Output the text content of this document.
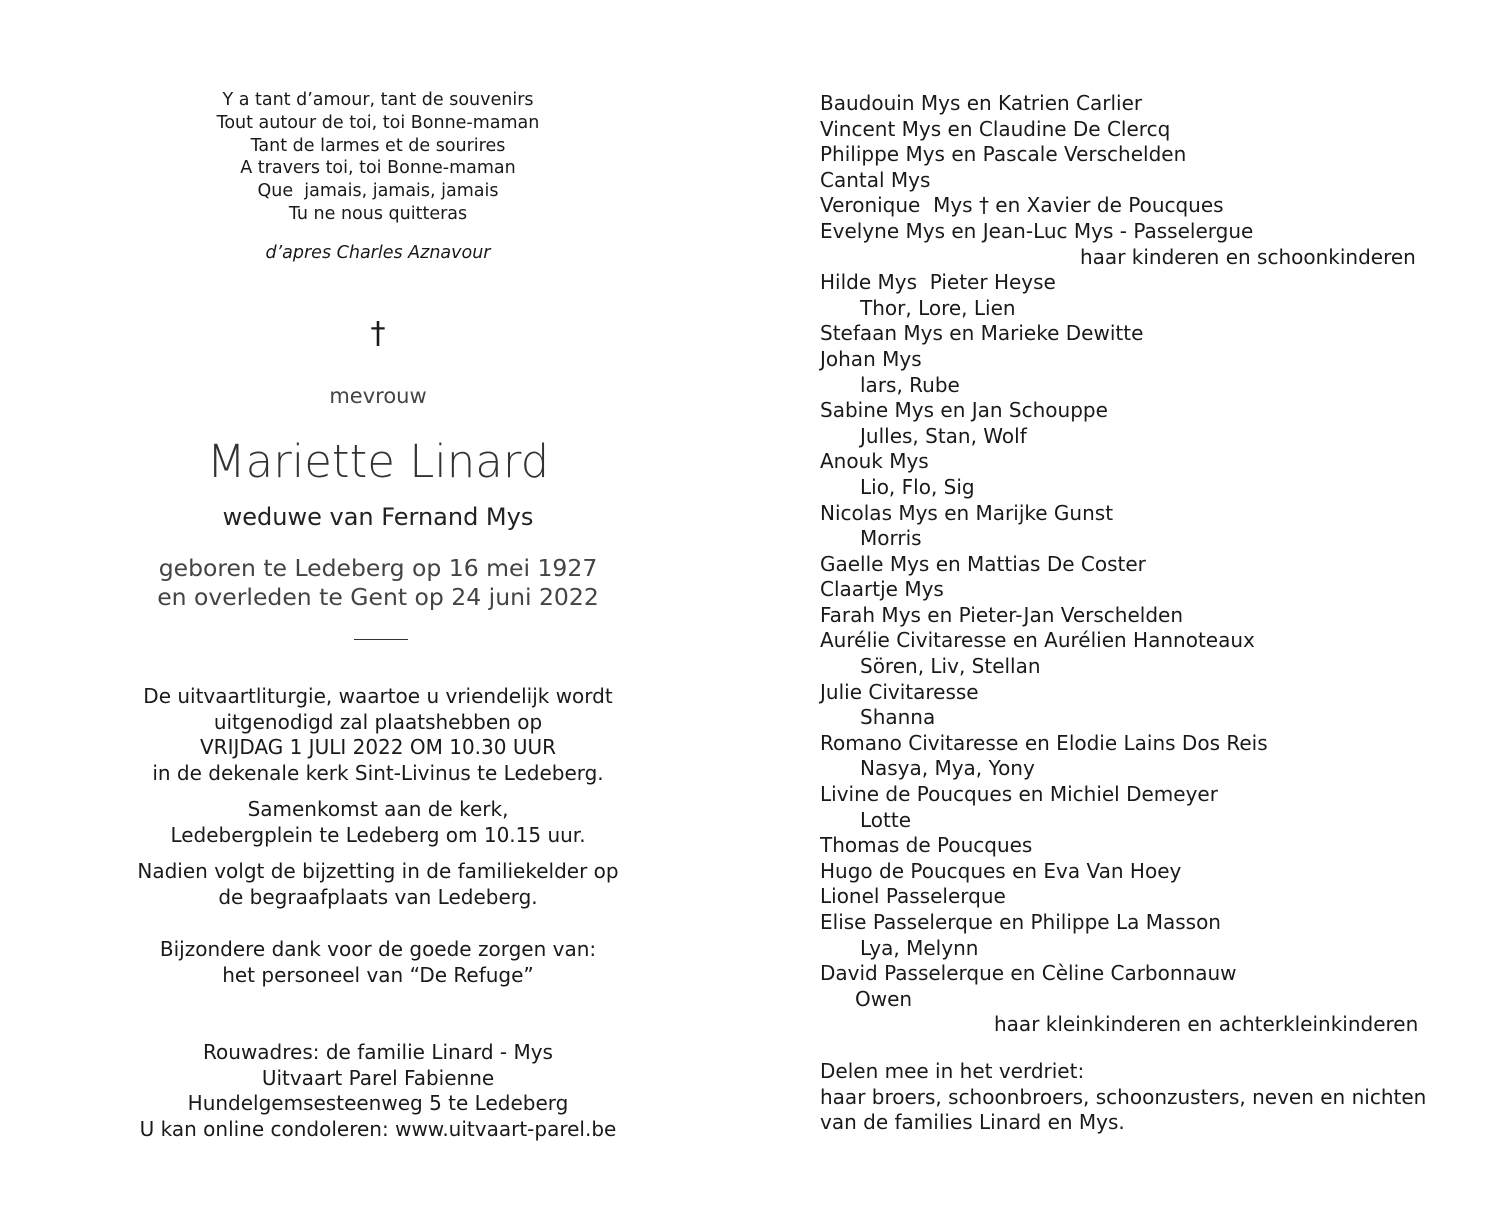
Y a tant d’amour, tant de souvenirs
Tout autour de toi, toi Bonne-maman
Tant de larmes et de sourires
A travers toi, toi Bonne-maman
Que  jamais, jamais, jamais
Tu ne nous quitteras
d’apres Charles Aznavour
†
mevrouw
Mariette Linard
weduwe van Fernand Mys
geboren te Ledeberg op 16 mei 1927
en overleden te Gent op 24 juni 2022
De uitvaartliturgie, waartoe u vriendelijk wordt
uitgenodigd zal plaatshebben op
VRIJDAG 1 JULI 2022 OM 10.30 UUR
in de dekenale kerk Sint-Livinus te Ledeberg.
Samenkomst aan de kerk,
Ledebergplein te Ledeberg om 10.15 uur.
Nadien volgt de bijzetting in de familiekelder op
de begraafplaats van Ledeberg.
Bijzondere dank voor de goede zorgen van:
het personeel van “De Refuge”
Rouwadres: de familie Linard - Mys
Uitvaart Parel Fabienne
Hundelgemsesteenweg 5 te Ledeberg
U kan online condoleren: www.uitvaart-parel.be
Baudouin Mys en Katrien Carlier
Vincent Mys en Claudine De Clercq
Philippe Mys en Pascale Verschelden
Cantal Mys
Veronique  Mys † en Xavier de Poucques
Evelyne Mys en Jean-Luc Mys - Passelergue
haar kinderen en schoonkinderen
Hilde Mys  Pieter Heyse
Thor, Lore, Lien
Stefaan Mys en Marieke Dewitte
Johan Mys
lars, Rube
Sabine Mys en Jan Schouppe
Julles, Stan, Wolf
Anouk Mys
Lio, Flo, Sig
Nicolas Mys en Marijke Gunst
Morris
Gaelle Mys en Mattias De Coster
Claartje Mys
Farah Mys en Pieter-Jan Verschelden
Aurélie Civitaresse en Aurélien Hannoteaux
Sören, Liv, Stellan
Julie Civitaresse
Shanna
Romano Civitaresse en Elodie Lains Dos Reis
Nasya, Mya, Yony
Livine de Poucques en Michiel Demeyer
Lotte
Thomas de Poucques
Hugo de Poucques en Eva Van Hoey
Lionel Passelerque
Elise Passelerque en Philippe La Masson
Lya, Melynn
David Passelerque en Cèline Carbonnauw
Owen
haar kleinkinderen en achterkleinkinderen
Delen mee in het verdriet:
haar broers, schoonbroers, schoonzusters, neven en nichten
van de families Linard en Mys.
